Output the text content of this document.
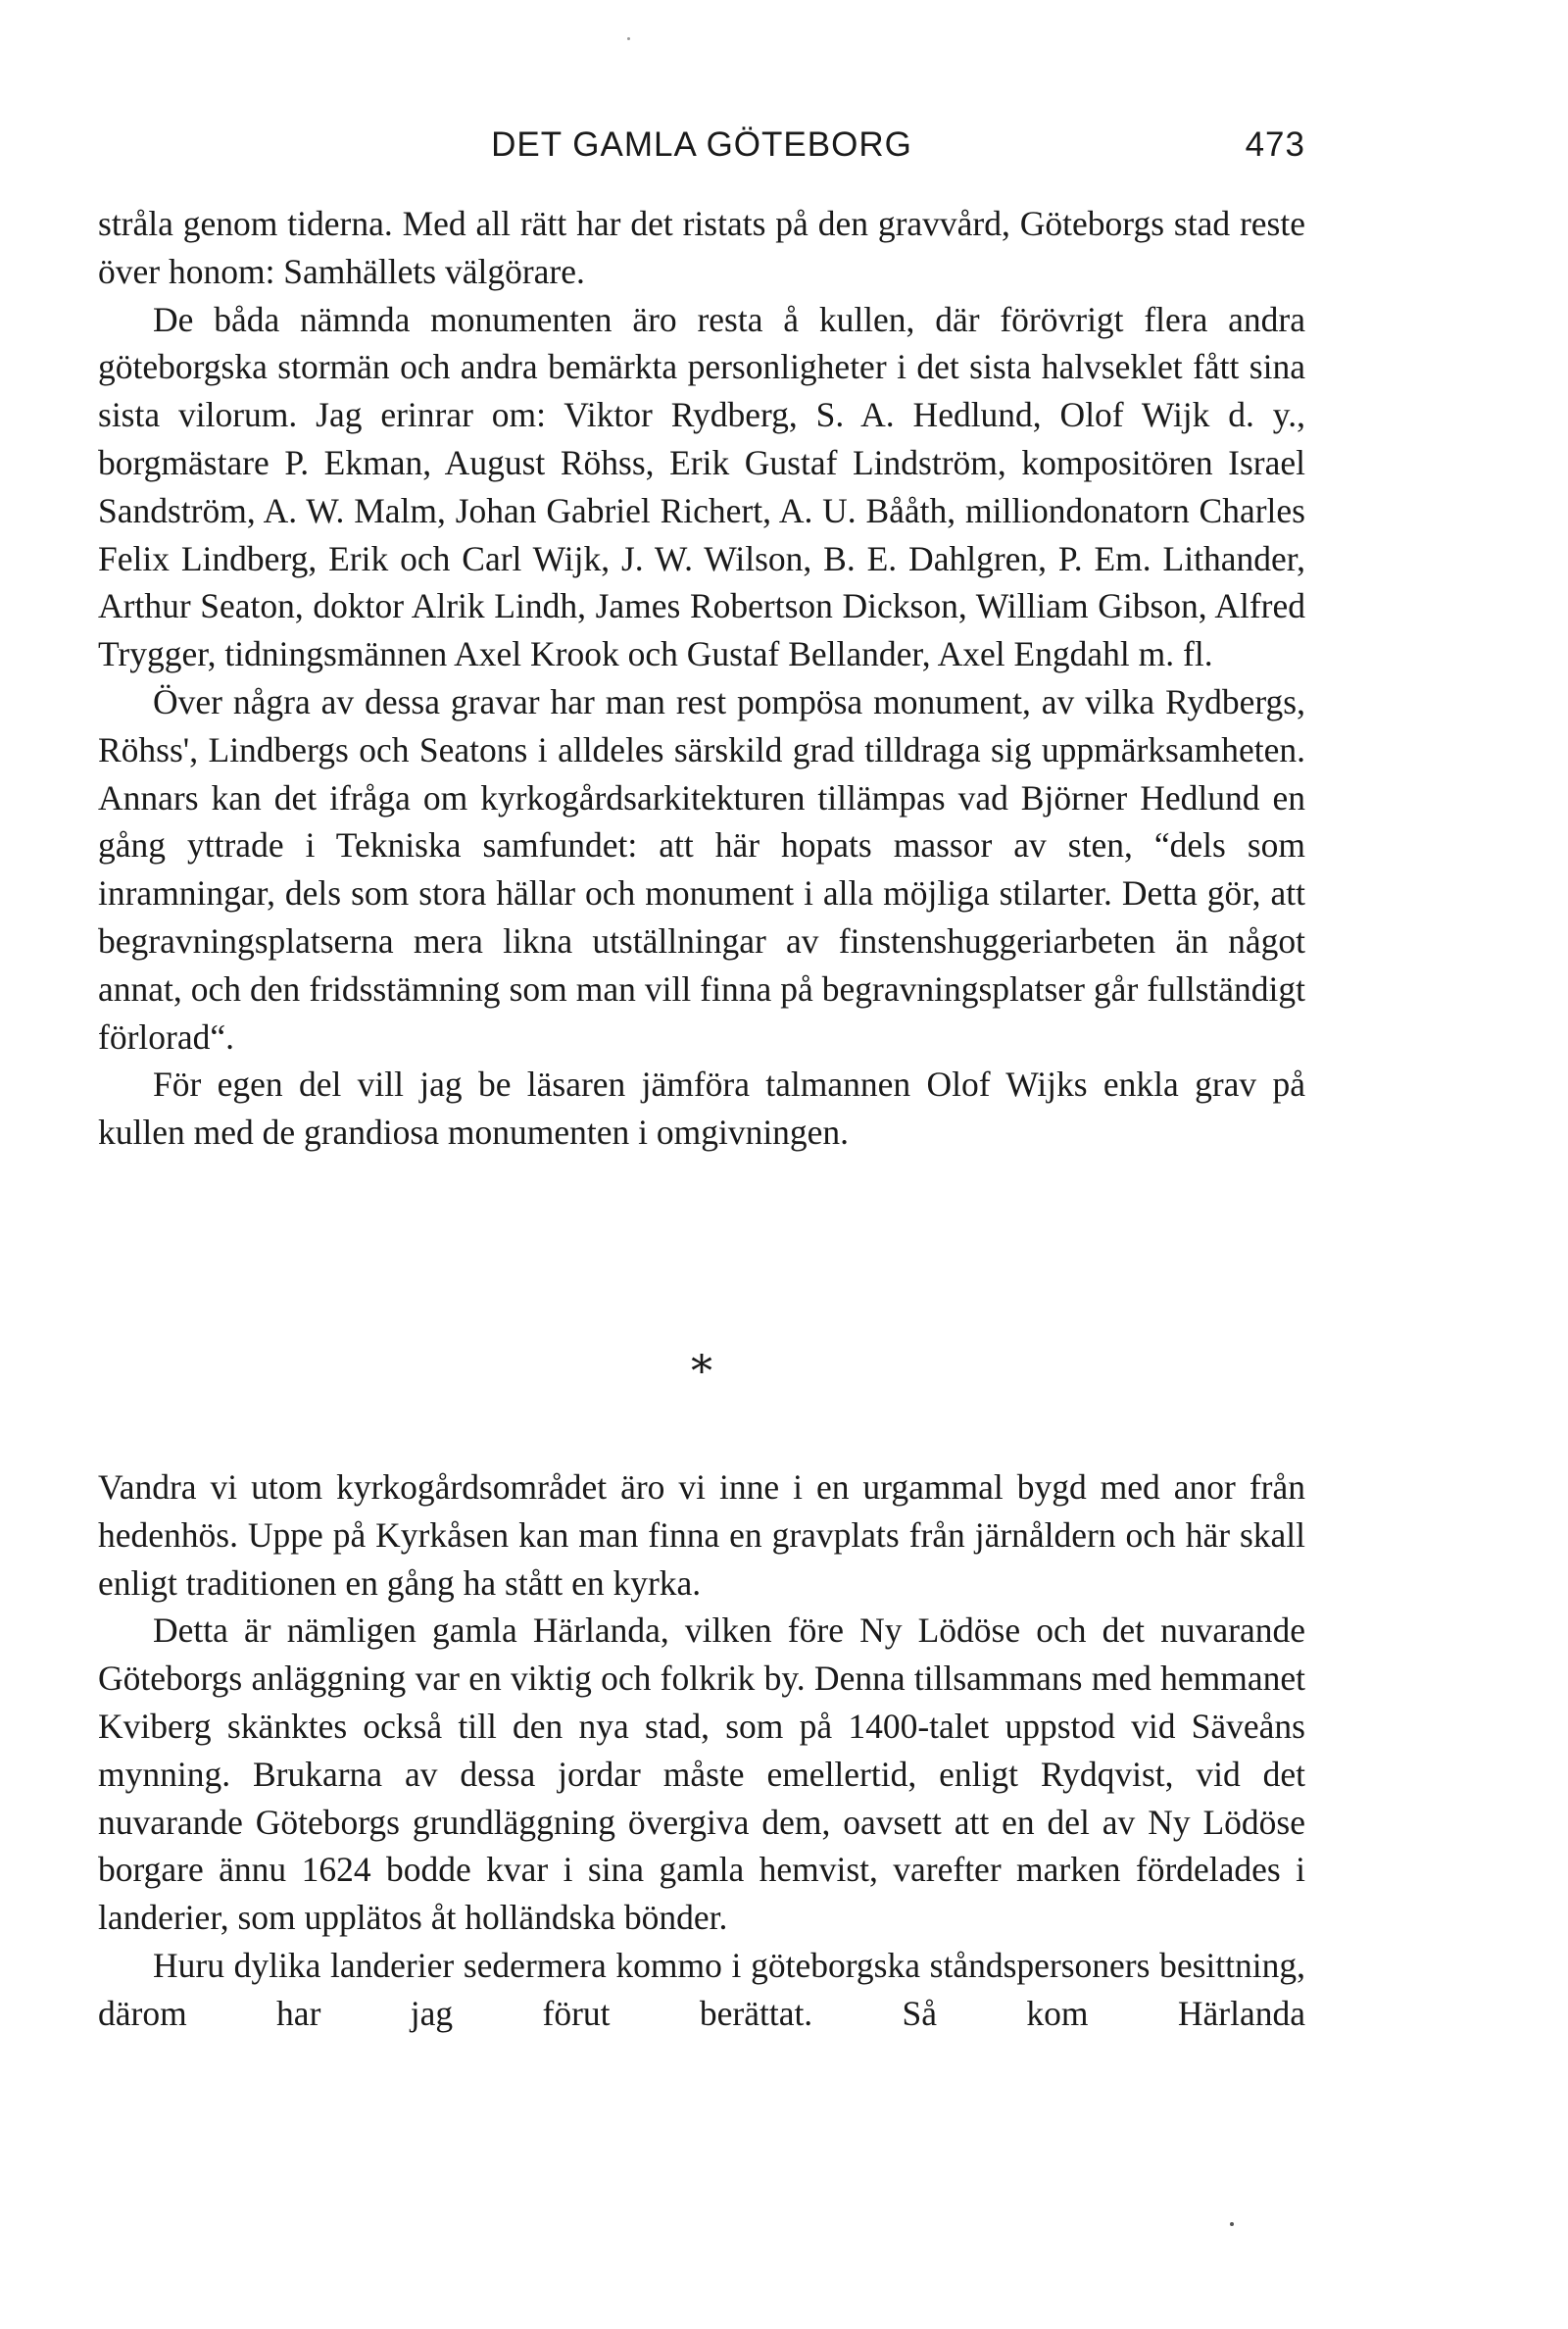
DET GAMLA GÖTEBORG	473

stråla genom tiderna. Med all rätt har det ristats på den gravvård, Göteborgs stad reste över honom: Samhällets välgörare.

De båda nämnda monumenten äro resta å kullen, där förövrigt flera andra göteborgska stormän och andra bemärkta personligheter i det sista halvseklet fått sina sista vilorum. Jag erinrar om: Viktor Rydberg, S. A. Hedlund, Olof Wijk d. y., borgmästare P. Ekman, August Röhss, Erik Gustaf Lindström, kompositören Israel Sandström, A. W. Malm, Johan Gabriel Richert, A. U. Bååth, milliondonatorn Charles Felix Lindberg, Erik och Carl Wijk, J. W. Wilson, B. E. Dahlgren, P. Em. Lithander, Arthur Seaton, doktor Alrik Lindh, James Robertson Dickson, William Gibson, Alfred Trygger, tidningsmännen Axel Krook och Gustaf Bellander, Axel Engdahl m. fl.

Över några av dessa gravar har man rest pompösa monument, av vilka Rydbergs, Röhss', Lindbergs och Seatons i alldeles särskild grad tilldraga sig uppmärksamheten. Annars kan det ifråga om kyrkogårdsarkitekturen tillämpas vad Björner Hedlund en gång yttrade i Tekniska samfundet: att här hopats massor av sten, “dels som inramningar, dels som stora hällar och monument i alla möjliga stilarter. Detta gör, att begravningsplatserna mera likna utställningar av finstenshuggeriarbeten än något annat, och den fridsstämning som man vill finna på begravningsplatser går fullständigt förlorad“.

För egen del vill jag be läsaren jämföra talmannen Olof Wijks enkla grav på kullen med de grandiosa monumenten i omgivningen.

*

Vandra vi utom kyrkogårdsområdet äro vi inne i en urgammal bygd med anor från hedenhös. Uppe på Kyrkåsen kan man finna en gravplats från järnåldern och här skall enligt traditionen en gång ha stått en kyrka.

Detta är nämligen gamla Härlanda, vilken före Ny Lödöse och det nuvarande Göteborgs anläggning var en viktig och folkrik by. Denna tillsammans med hemmanet Kviberg skänktes också till den nya stad, som på 1400-talet uppstod vid Säveåns mynning. Brukarna av dessa jordar måste emellertid, enligt Rydqvist, vid det nuvarande Göteborgs grundläggning övergiva dem, oavsett att en del av Ny Lödöse borgare ännu 1624 bodde kvar i sina gamla hemvist, varefter marken fördelades i landerier, som upplätos åt holländska bönder.

Huru dylika landerier sedermera kommo i göteborgska ståndspersoners besittning, därom har jag förut berättat. Så kom Härlanda
